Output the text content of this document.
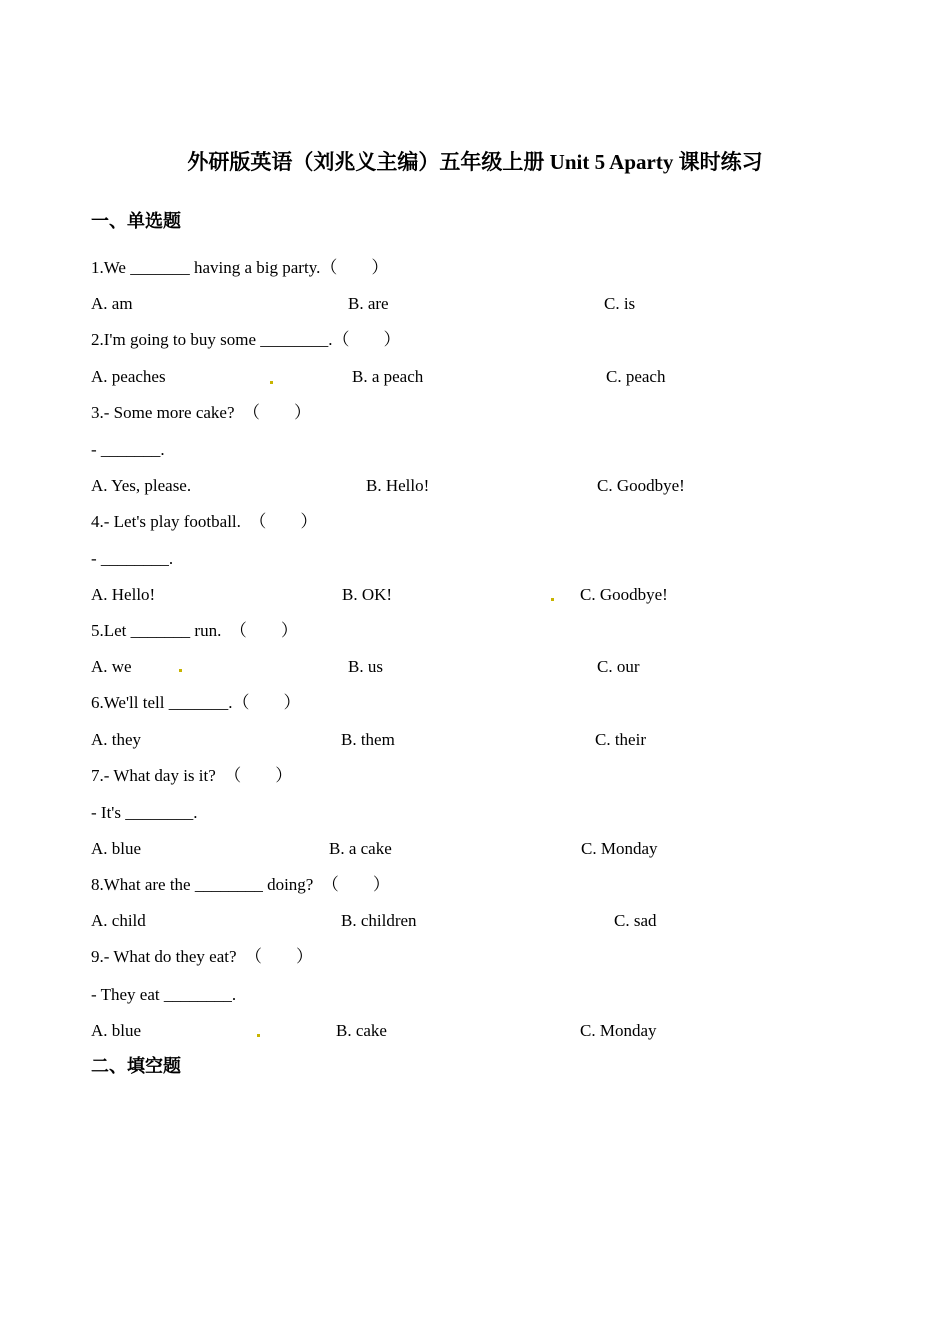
外研版英语（刘兆义主编）五年级上册 Unit 5 Aparty 课时练习
一、单选题
1.We _______ having a big party.（　　）
A. am	B. are	C. is
2.I'm going to buy some ________.（　　）
A. peaches	B. a peach	C. peach
3.- Some more cake?　（　　）
- _______.
A. Yes, please.	B. Hello!	C. Goodbye!
4.- Let's play football.　（　　）
- ________.
A. Hello!	B. OK!	C. Goodbye!
5.Let _______ run.　（　　）
A. we	B. us	C. our
6.We'll tell _______.（　　）
A. they	B. them	C. their
7.- What day is it?　（　　）
- It's ________.
A. blue	B. a cake	C. Monday
8.What are the ________ doing?　（　　）
A. child	B. children	C. sad
9.- What do they eat?　（　　）
- They eat ________.
A. blue	B. cake	C. Monday
二、填空题
